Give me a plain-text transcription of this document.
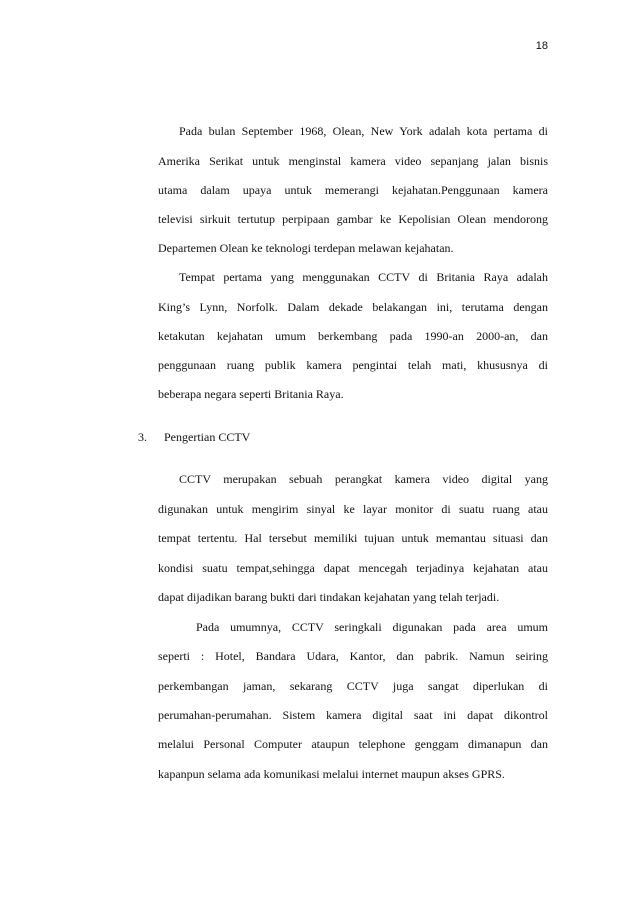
18
Pada bulan September 1968, Olean, New York adalah kota pertama di
Amerika Serikat untuk menginstal kamera video sepanjang jalan bisnis
utama dalam upaya untuk memerangi kejahatan.Penggunaan kamera
televisi sirkuit tertutup perpipaan gambar ke Kepolisian Olean mendorong
Departemen Olean ke teknologi terdepan melawan kejahatan.
Tempat pertama yang menggunakan CCTV di Britania Raya adalah
King’s Lynn, Norfolk. Dalam dekade belakangan ini, terutama dengan
ketakutan kejahatan umum berkembang pada 1990-an 2000-an, dan
penggunaan ruang publik kamera pengintai telah mati, khususnya di
beberapa negara seperti Britania Raya.
3. Pengertian CCTV
CCTV merupakan sebuah perangkat kamera video digital yang
digunakan untuk mengirim sinyal ke layar monitor di suatu ruang atau
tempat tertentu. Hal tersebut memiliki tujuan untuk memantau situasi dan
kondisi suatu tempat,sehingga dapat mencegah terjadinya kejahatan atau
dapat dijadikan barang bukti dari tindakan kejahatan yang telah terjadi.
Pada umumnya, CCTV seringkali digunakan pada area umum
seperti : Hotel, Bandara Udara, Kantor, dan pabrik. Namun seiring
perkembangan jaman, sekarang CCTV juga sangat diperlukan di
perumahan-perumahan. Sistem kamera digital saat ini dapat dikontrol
melalui Personal Computer ataupun telephone genggam dimanapun dan
kapanpun selama ada komunikasi melalui internet maupun akses GPRS.
